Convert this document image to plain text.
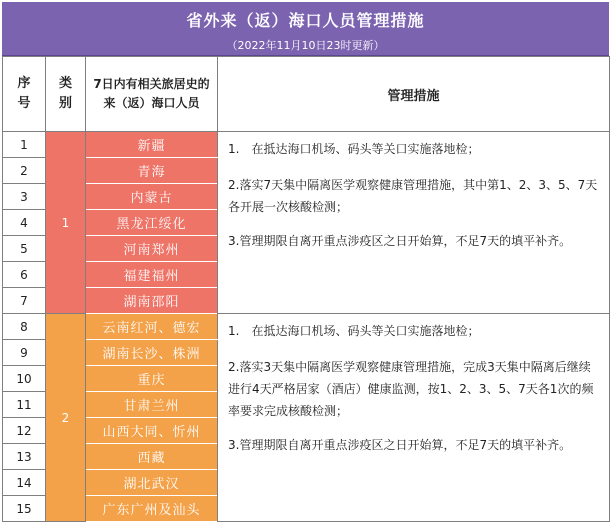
省外来（返）海口人员管理措施
（2022年11月10日23时更新）
序号	类别	7日内有相关旅居史的来（返）海口人员	管理措施
1	1	新疆	1.　在抵达海口机场、码头等关口实施落地检；

2.落实7天集中隔离医学观察健康管理措施，其中第1、2、3、5、7天各开展一次核酸检测；

3.管理期限自离开重点涉疫区之日开始算，不足7天的填平补齐。

2		青海	
3		内蒙古	
4		黑龙江绥化	
5		河南郑州	
6		福建福州	
7		湖南邵阳	
8	2	云南红河、德宏	1.　在抵达海口机场、码头等关口实施落地检；

2.落实3天集中隔离医学观察健康管理措施，完成3天集中隔离后继续进行4天严格居家（酒店）健康监测，按1、2、3、5、7天各1次的频率要求完成核酸检测；

3.管理期限自离开重点涉疫区之日开始算，不足7天的填平补齐。

9		湖南长沙、株洲	
10		重庆	
11		甘肃兰州	
12		山西大同、忻州	
13		西藏	
14		湖北武汉	
15		广东广州及汕头	
